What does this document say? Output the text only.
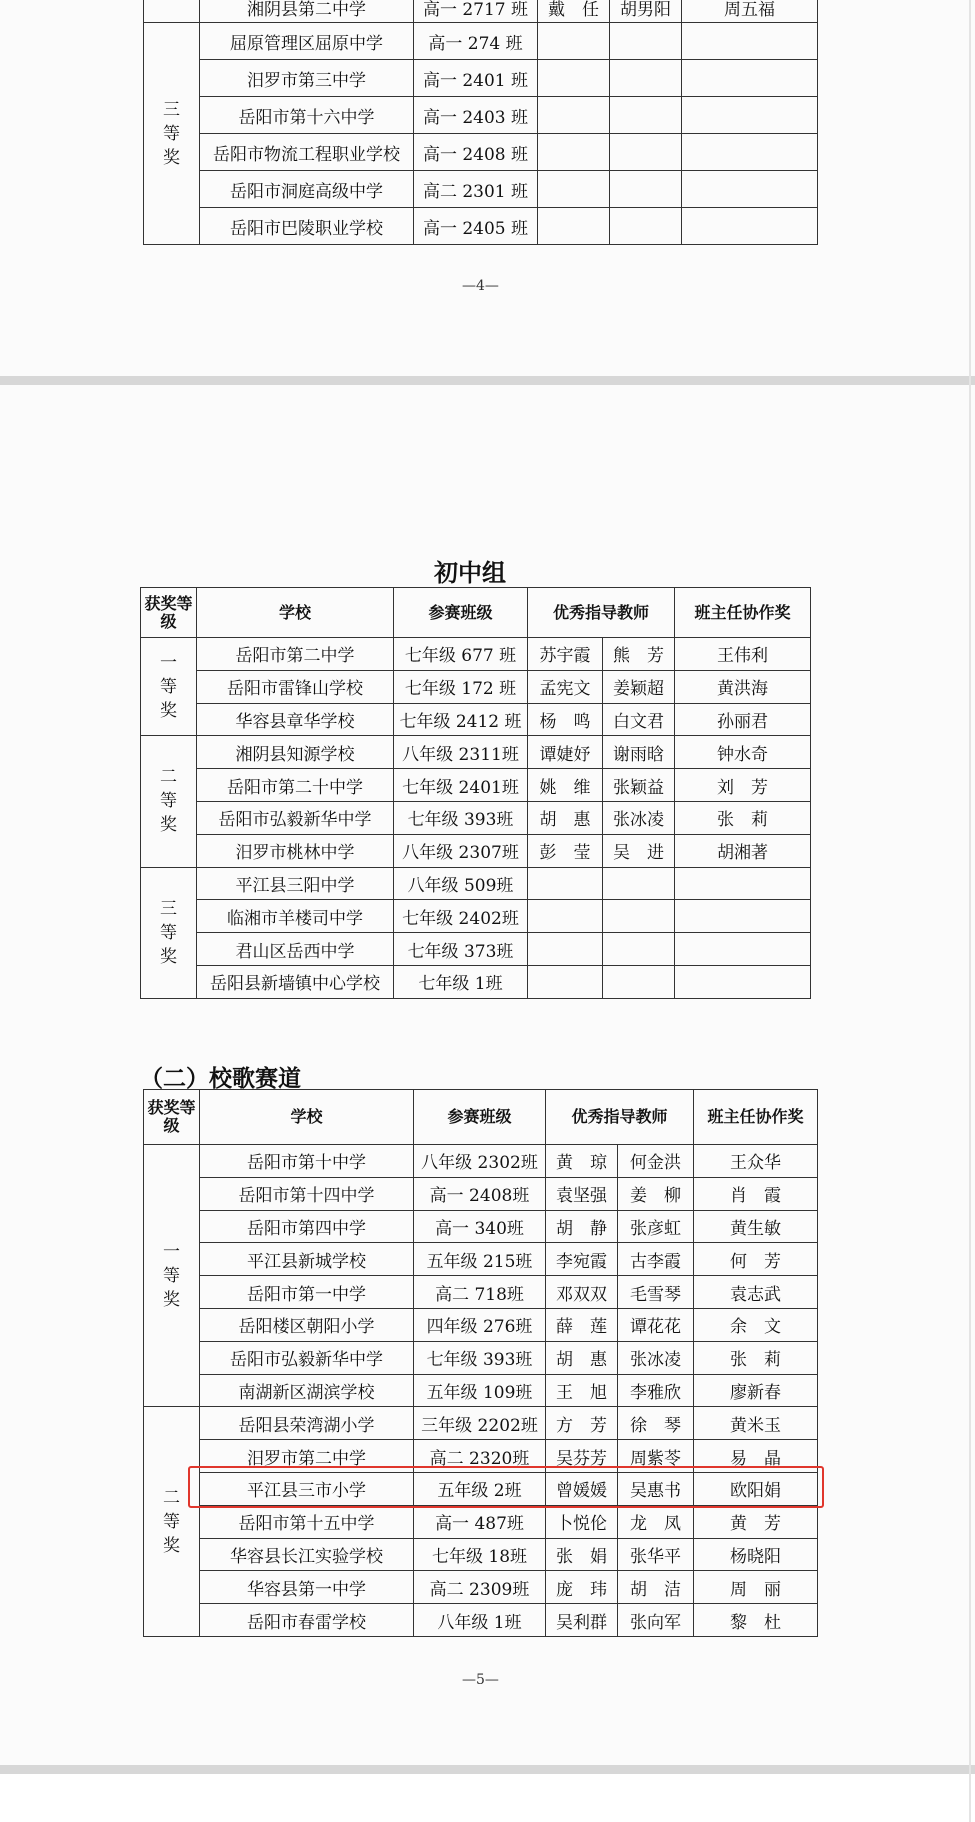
	湘阴县第二中学	高一 2717 班	戴　任	胡男阳	周五福

三等奖	屈原管理区屈原中学	高一 274 班			
	汨罗市第三中学	高一 2401 班			
	岳阳市第十六中学	高一 2403 班			
	岳阳市物流工程职业学校	高一 2408 班			
	岳阳市洞庭高级中学	高二 2301 班			
	岳阳市巴陵职业学校	高一 2405 班			
—4—
初中组
获奖等级	学校	参赛班级	优秀指导教师		班主任协作奖

一等奖	岳阳市第二中学	七年级 677 班	苏宇霞	熊　芳	王伟利
	岳阳市雷锋山学校	七年级 172 班	孟宪文	姜颖超	黄洪海
	华容县章华学校	七年级 2412 班	杨　鸣	白文君	孙丽君

二等奖	湘阴县知源学校	八年级 2311班	谭婕妤	谢雨晗	钟水奇
	岳阳市第二十中学	七年级 2401班	姚　维	张颖益	刘　芳
	岳阳市弘毅新华中学	七年级 393班	胡　惠	张冰凌	张　莉
	汨罗市桃林中学	八年级 2307班	彭　莹	吴　进	胡湘著

三等奖	平江县三阳中学	八年级 509班			
	临湘市羊楼司中学	七年级 2402班			
	君山区岳西中学	七年级 373班			
	岳阳县新墙镇中心学校	七年级 1班			
（二）校歌赛道
获奖等级	学校	参赛班级	优秀指导教师		班主任协作奖

一等奖	岳阳市第十中学	八年级 2302班	黄　琼	何金洪	王众华
	岳阳市第十四中学	高一 2408班	袁坚强	姜　柳	肖　霞
	岳阳市第四中学	高一 340班	胡　静	张彦虹	黄生敏
	平江县新城学校	五年级 215班	李宛霞	古李霞	何　芳
	岳阳市第一中学	高二 718班	邓双双	毛雪琴	袁志武
	岳阳楼区朝阳小学	四年级 276班	薛　莲	谭花花	余　文
	岳阳市弘毅新华中学	七年级 393班	胡　惠	张冰凌	张　莉
	南湖新区湖滨学校	五年级 109班	王　旭	李雅欣	廖新春

二等奖	岳阳县荣湾湖小学	三年级 2202班	方　芳	徐　琴	黄米玉
	汨罗市第二中学	高二 2320班	吴芬芳	周紫苓	易　晶
	平江县三市小学	五年级 2班	曾媛媛	吴惠书	欧阳娟
	岳阳市第十五中学	高一 487班	卜悦伦	龙　凤	黄　芳
	华容县长江实验学校	七年级 18班	张　娟	张华平	杨晓阳
	华容县第一中学	高二 2309班	庞　玮	胡　洁	周　丽
	岳阳市春雷学校	八年级 1班	吴利群	张向军	黎　杜
—5—
